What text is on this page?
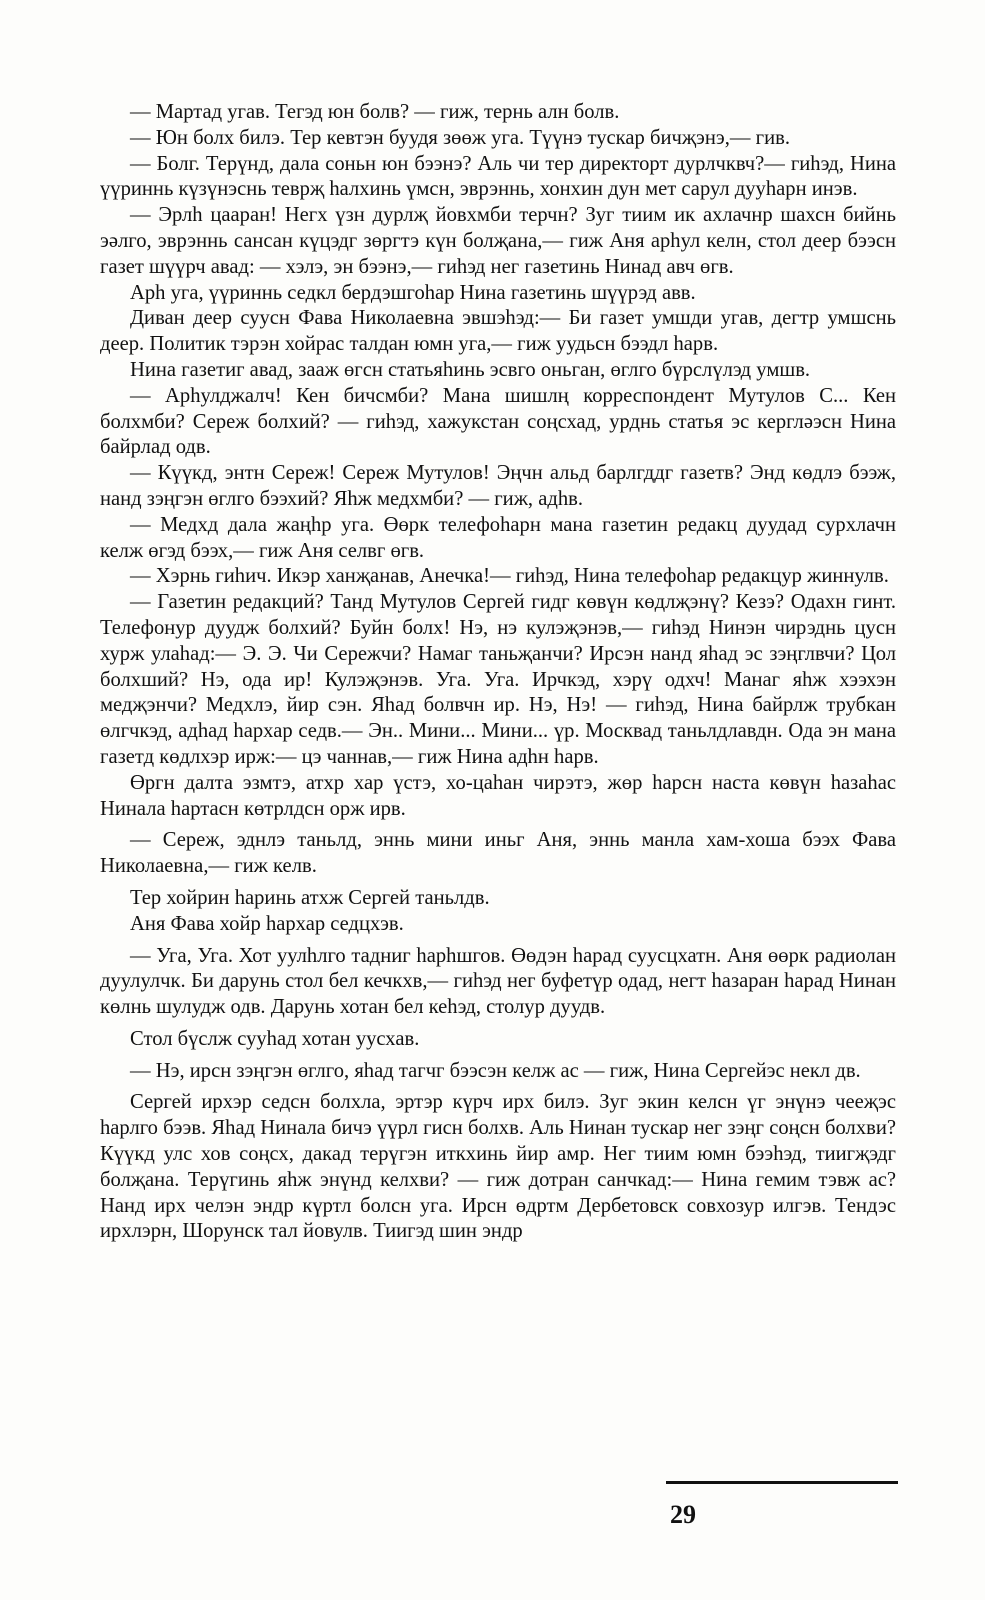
— Мартад угав. Тегэд юн болв? — гиж, тернь алн болв.

— Юн болх билэ. Тер кевтэн буудя зөөж уга. Түүнэ тускар бичҗэнэ,— гив.

— Болг. Терүнд, дала соньн юн бээнэ? Аль чи тер директорт дурлчквч?— гиһэд, Нина үүриннь күзүнэснь теврҗ һалхинь үмсн, эврэннь, хонхин дун мет сарул дууһарн инэв.

— Эрлһ цааран! Негх үзн дурлҗ йовхмби терчн? Зуг тиим ик ахлачнр шахсн бийнь эәлго, эврэннь сансан күцэдг зөргтэ күн болҗана,— гиж Аня арһул келн, стол деер бээсн газет шүүрч авад: — хэлэ, эн бээнэ,— гиһэд нег газетинь Нинад авч өгв.

Арһ уга, үүриннь седкл бердэшгоһар Нина газетинь шүүрэд авв.

Диван деер суусн Фава Николаевна эвшэһэд:— Би газет умшди угав, дегтр умшснь деер. Политик тэрэн хойрас талдан юмн уга,— гиж уудьсн бээдл һарв.

Нина газетиг авад, зааж өгсн статьяһинь эсвго оньган, өглго бүрслүлэд умшв.

— Арһулджалч! Кен бичсмби? Мана шишлң корреспондент Мутулов С... Кен болхмби? Сереж болхий? — гиһэд, хажукстан соңсхад, урднь статья эс кергләэсн Нина байрлад одв.

— Күүкд, энтн Сереж! Сереж Мутулов! Эңчн альд барлгддг газетв? Энд көдлэ бээж, нанд зэңгэн өглго бээхий? Яһж медхмби? — гиж, адһв.

— Медхд дала жаңһр уга. Өөрк телефоһарн мана газетин редакц дуудад сурхлачн келж өгэд бээх,— гиж Аня селвг өгв.

— Хэрнь гиһич. Икэр ханҗанав, Анечка!— гиһэд, Нина телефоһар редакцур жиннулв.

— Газетин редакций? Танд Мутулов Сергей гидг көвүн көдлҗэнү? Кезэ? Одахн гинт. Телефонур дуудж болхий? Буйн болх! Нэ, нэ кулэҗэнэв,— гиһэд Нинэн чирэднь цусн хурж улаһад:— Э. Э. Чи Сережчи? Намаг таньҗанчи? Ирсэн нанд яһад эс зэңглвчи? Цол болхший? Нэ, ода ир! Кулэҗэнэв. Уга. Уга. Ирчкэд, хэрү одхч! Манаг яһж хээхэн медҗэнчи? Медхлэ, йир сэн. Яһад болвчн ир. Нэ, Нэ! — гиһэд, Нина байрлж трубкан өлгчкэд, адһад һархар седв.— Эн.. Мини... Мини... үр. Москвад таньлдлавдн. Ода эн мана газетд көдлхэр ирж:— цэ чаннав,— гиж Нина адһн һарв.

Өргн далта эзмтэ, атхр хар үстэ, хо-цаһан чирэтэ, жөр һарсн наста көвүн һазаһас Нинала һартасн көтрлдсн орж ирв.

— Сереж, эднлэ таньлд, эннь мини иньг Аня, эннь манла хам-хоша бээх Фава Николаевна,— гиж келв.

Тер хойрин һаринь атхж Сергей таньлдв.

Аня Фава хойр һархар седцхэв.

— Уга, Уга. Хот уулһлго тадниг һарһшгов. Өөдэн һарад суусцхатн. Аня өөрк радиолан дуулулчк. Би дарунь стол бел кечкхв,— гиһэд нег буфетүр одад, негт һазаран һарад Нинан көлнь шулудж одв. Дарунь хотан бел кеһэд, столур дуудв.

Стол бүслж сууһад хотан уусхав.

— Нэ, ирсн зэңгэн өглго, яһад тагчг бээсэн келж ас — гиж, Нина Сергейэс некл дв.

Сергей ирхэр седсн болхла, эртэр күрч ирх билэ. Зуг экин келсн үг энүнэ чееҗэс һарлго бээв. Яһад Нинала бичэ үүрл гисн болхв. Аль Нинан тускар нег зэңг соңсн болхви? Күүкд улс хов соңсх, дакад терүгэн иткхинь йир амр. Нег тиим юмн бээһэд, тиигҗэдг болҗана. Терүгинь яһж энүнд келхви? — гиж дотран санчкад:— Нина гемим тэвж ас? Нанд ирх челэн эндр күртл болсн уга. Ирсн өдртм Дербетовск совхозур илгэв. Тендэс ирхлэрн, Шорунск тал йовулв. Тиигэд шин эндр

29
